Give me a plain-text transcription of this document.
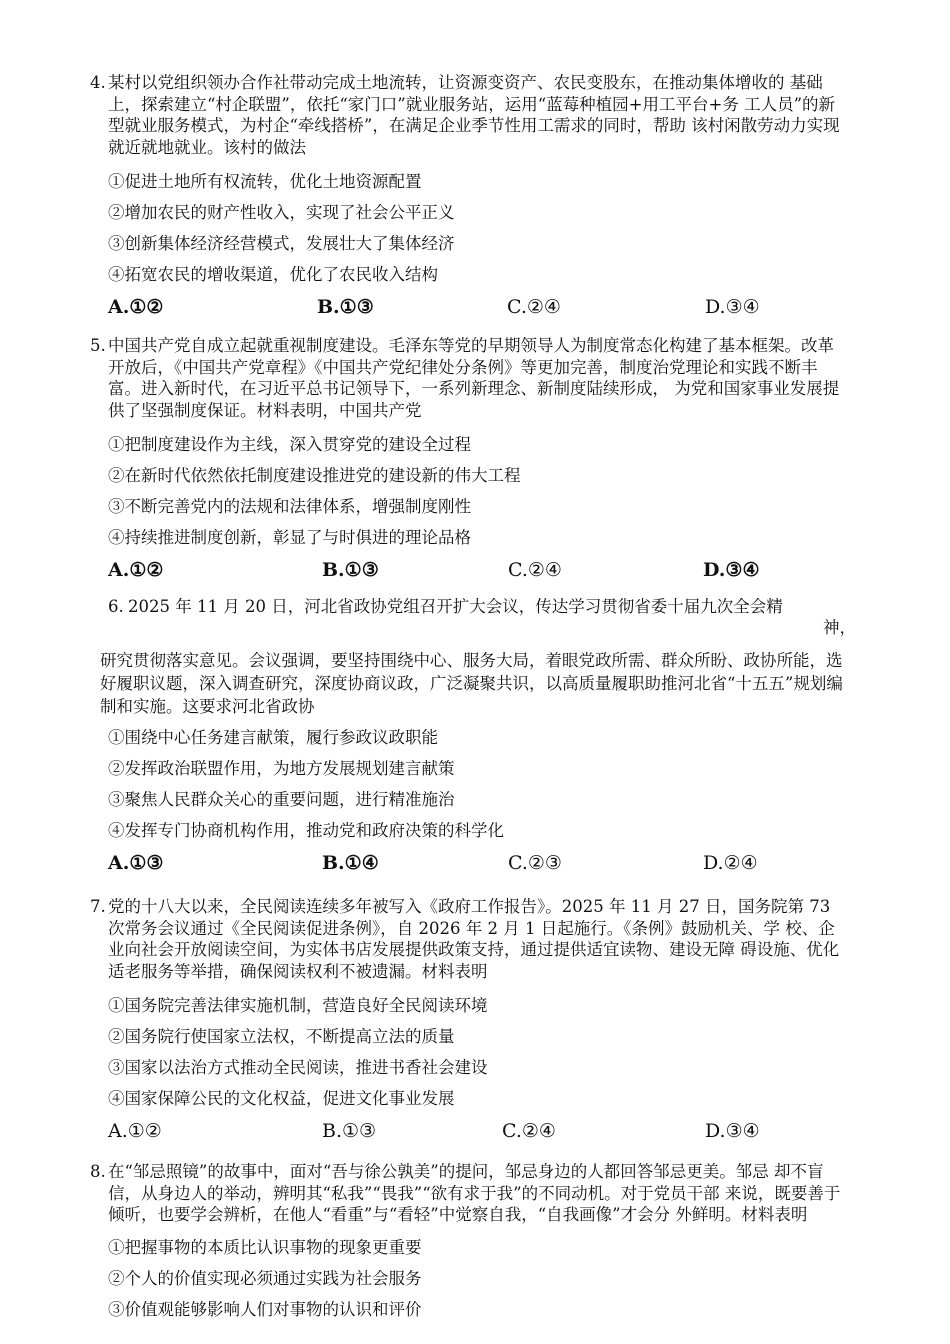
4. 某村以党组织领办合作社带动完成土地流转，让资源变资产、农民变股东，在推动集体增收的 基础上，探索建立“村企联盟”，依托“家门口”就业服务站，运用“蓝莓种植园+用工平台+务 工人员”的新型就业服务模式，为村企“牵线搭桥”，在满足企业季节性用工需求的同时，帮助 该村闲散劳动力实现就近就地就业。该村的做法
①促进土地所有权流转，优化土地资源配置
②增加农民的财产性收入，实现了社会公平正义
③创新集体经济经营模式，发展壮大了集体经济
④拓宽农民的增收渠道，优化了农民收入结构
A.①②	B.①③	C.②④	D.③④
5. 中国共产党自成立起就重视制度建设。毛泽东等党的早期领导人为制度常态化构建了基本框架。改革开放后，《中国共产党章程》《中国共产党纪律处分条例》等更加完善，制度治党理论和实践不断丰富。进入新时代，在习近平总书记领导下，一系列新理念、新制度陆续形成， 为党和国家事业发展提供了坚强制度保证。材料表明，中国共产党
①把制度建设作为主线，深入贯穿党的建设全过程
②在新时代依然依托制度建设推进党的建设新的伟大工程
③不断完善党内的法规和法律体系，增强制度刚性
④持续推进制度创新，彰显了与时俱进的理论品格
A.①②	B.①③	C.②④	D.③④
6. 2025 年 11 月 20 日，河北省政协党组召开扩大会议，传达学习贯彻省委十届九次全会精
神，
研究贯彻落实意见。会议强调，要坚持围绕中心、服务大局，着眼党政所需、群众所盼、政协所能，选好履职议题，深入调查研究，深度协商议政，广泛凝聚共识，以高质量履职助推河北省“十五五”规划编制和实施。这要求河北省政协
①围绕中心任务建言献策，履行参政议政职能
②发挥政治联盟作用，为地方发展规划建言献策
③聚焦人民群众关心的重要问题，进行精准施治
④发挥专门协商机构作用，推动党和政府决策的科学化
A.①③	B.①④	C.②③	D.②④
7. 党的十八大以来，全民阅读连续多年被写入《政府工作报告》。2025 年 11 月 27 日，国务院第 73 次常务会议通过《全民阅读促进条例》，自 2026 年 2 月 1 日起施行。《条例》鼓励机关、学 校、企业向社会开放阅读空间，为实体书店发展提供政策支持，通过提供适宜读物、建设无障 碍设施、优化适老服务等举措，确保阅读权利不被遗漏。材料表明
①国务院完善法律实施机制，营造良好全民阅读环境
②国务院行使国家立法权，不断提高立法的质量
③国家以法治方式推动全民阅读，推进书香社会建设
④国家保障公民的文化权益，促进文化事业发展
A.①②	B.①③	C.②④	D.③④
8. 在“邹忌照镜”的故事中，面对“吾与徐公孰美”的提问，邹忌身边的人都回答邹忌更美。邹忌 却不盲信，从身边人的举动，辨明其“私我”“畏我”“欲有求于我”的不同动机。对于党员干部 来说，既要善于倾听，也要学会辨析，在他人“看重”与“看轻”中觉察自我，“自我画像”才会分 外鲜明。材料表明
①把握事物的本质比认识事物的现象更重要
②个人的价值实现必须通过实践为社会服务
③价值观能够影响人们对事物的认识和评价
